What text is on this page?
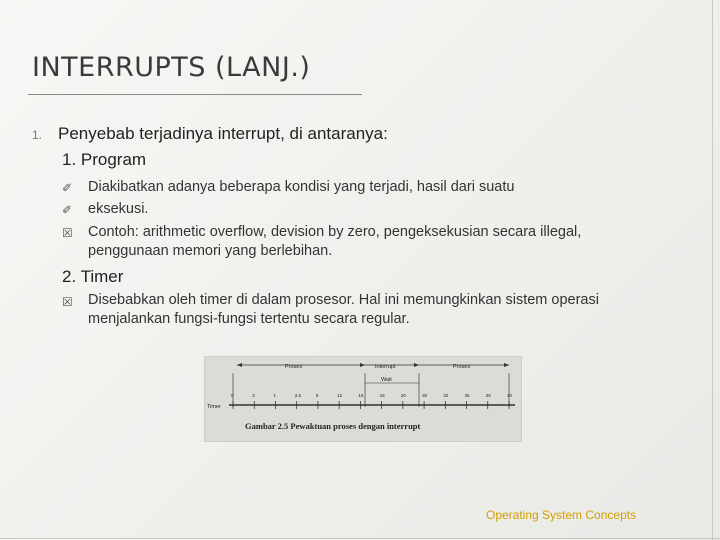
INTERRUPTS (LANJ.)
1. Penyebab terjadinya interrupt, di antaranya:
1. Program
✐ Diakibatkan adanya beberapa kondisi yang terjadi, hasil dari suatu
✐ eksekusi.
☒ Contoh: arithmetic overflow, devision by zero, pengeksekusian secara illegal,
penggunaan memori yang berlebihan.
2. Timer
☒ Disebabkan oleh timer di dalam prosesor. Hal ini memungkinkan sistem operasi
menjalankan fungsi-fungsi tertentu secara regular.
Proses	Interrupt	Proses
Wait
0	2	1	2.5	9	12	15	18	20	30	32	35	38	40
Timer
Gambar 2.5 Pewaktuan proses dengan interrupt
Operating System Concepts
